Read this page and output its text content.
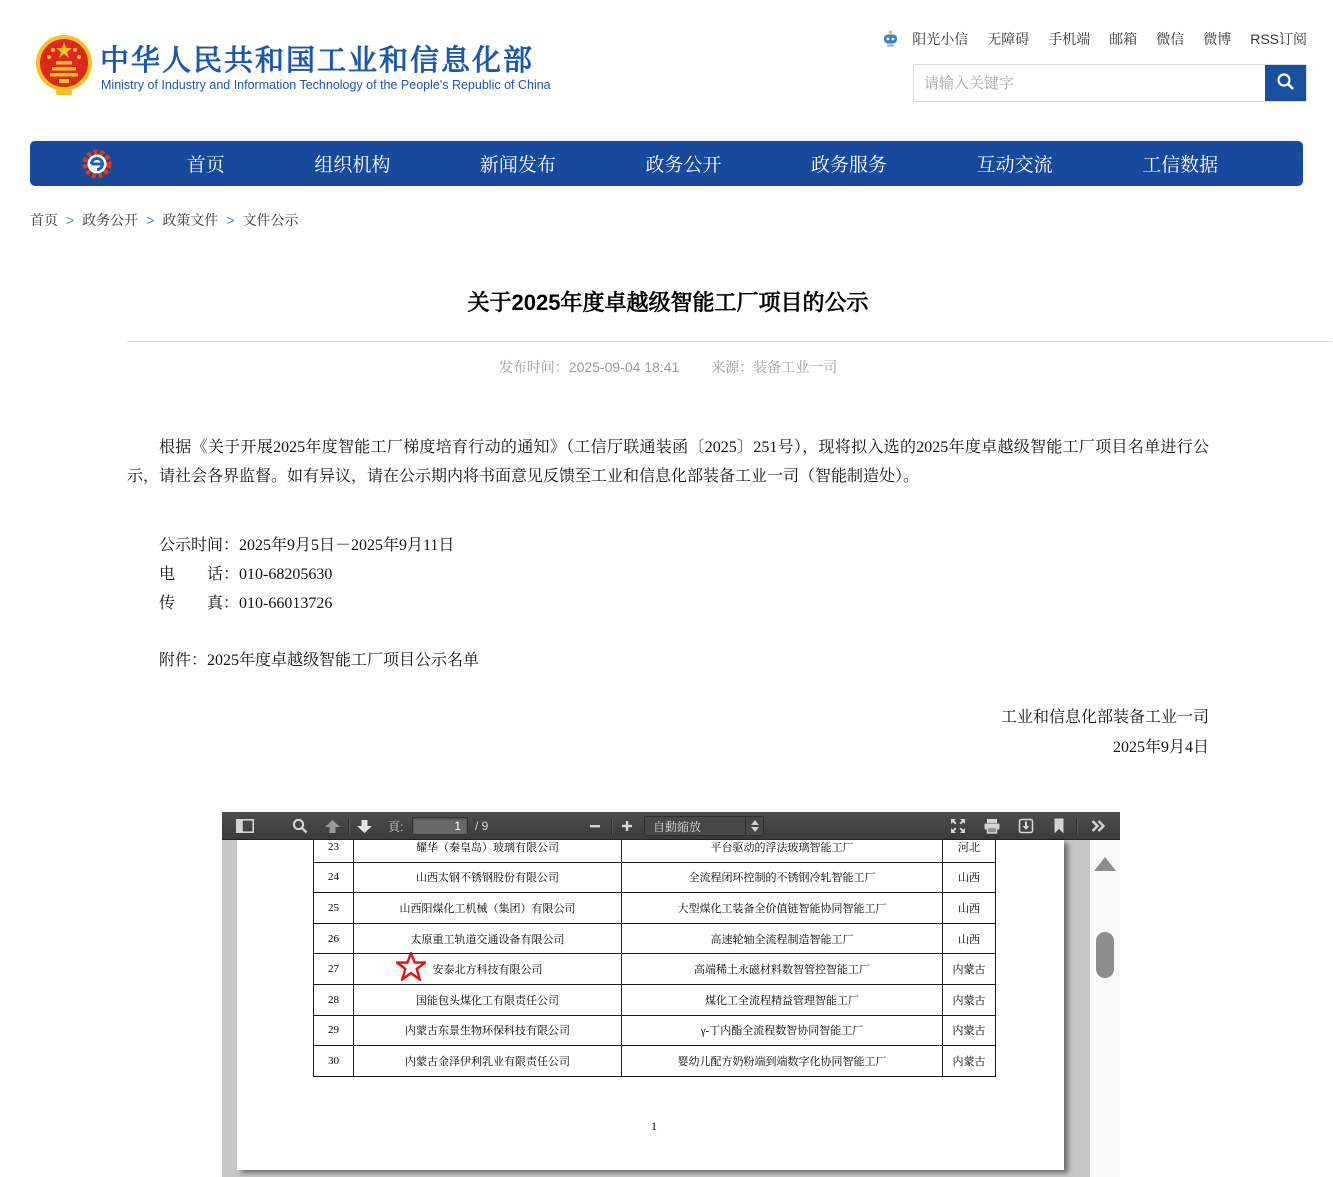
中华人民共和国工业和信息化部
Ministry of Industry and Information Technology of the People's Republic of China
阳光小信 无障碍 手机端 邮箱 微信 微博 RSS订阅
请输入关键字
首页	组织机构	新闻发布	政务公开	政务服务	互动交流	工信数据
首页 > 政务公开 > 政策文件 > 文件公示
关于2025年度卓越级智能工厂项目的公示
发布时间：2025-09-04 18:41 来源：装备工业一司

根据《关于开展2025年度智能工厂梯度培育行动的通知》（工信厅联通装函〔2025〕251号），现将拟入选的2025年度卓越级智能工厂项目名单进行公示，请社会各界监督。如有异议，请在公示期内将书面意见反馈至工业和信息化部装备工业一司（智能制造处）。

公示时间：2025年9月5日－2025年9月11日

电　　话：010-68205630

传　　真：010-66013726

附件：2025年度卓越级智能工厂项目公示名单

工业和信息化部装备工业一司

2025年9月4日

頁:
1	/ 9	自動縮放
23	耀华（秦皇岛）玻璃有限公司	平台驱动的浮法玻璃智能工厂	河北
24	山西太钢不锈钢股份有限公司	全流程闭环控制的不锈钢冷轧智能工厂	山西
25	山西阳煤化工机械（集团）有限公司	大型煤化工装备全价值链智能协同智能工厂	山西
26	太原重工轨道交通设备有限公司	高速轮轴全流程制造智能工厂	山西
27	安泰北方科技有限公司	高端稀土永磁材料数智管控智能工厂	内蒙古
28	国能包头煤化工有限责任公司	煤化工全流程精益管理智能工厂	内蒙古
29	内蒙古东景生物环保科技有限公司	γ-丁内酯全流程数智协同智能工厂	内蒙古
30	内蒙古金泽伊利乳业有限责任公司	婴幼儿配方奶粉端到端数字化协同智能工厂	内蒙古
1
